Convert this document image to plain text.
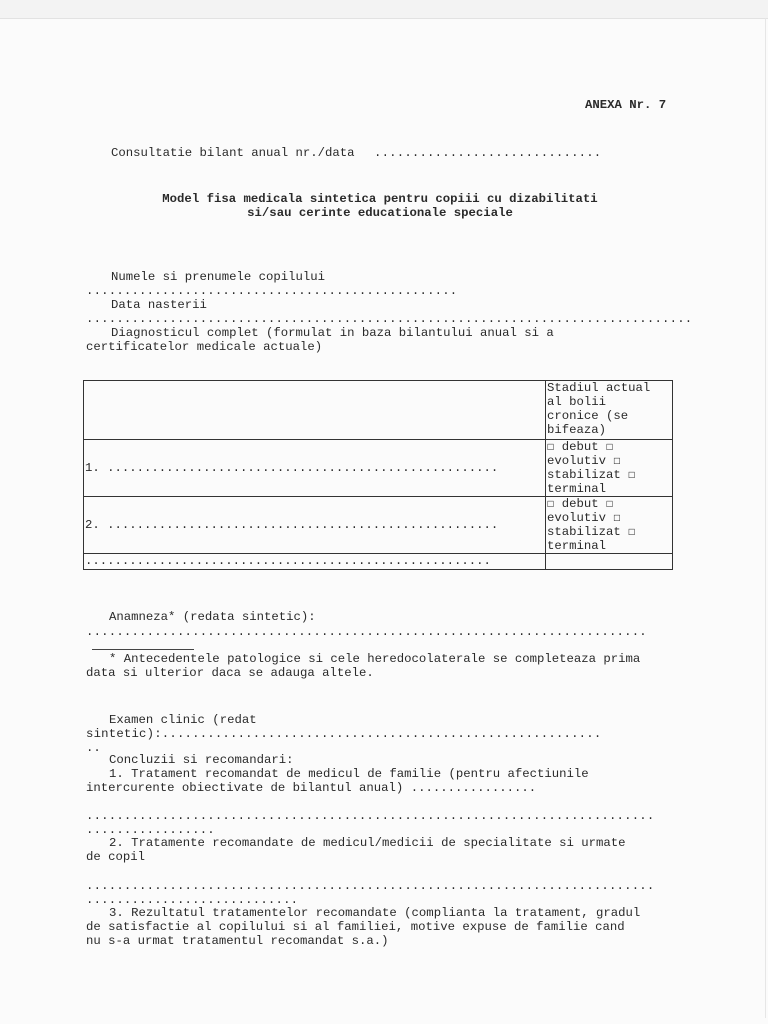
ANEXA Nr. 7
Consultatie bilant anual nr./data ..............................
Model fisa medicala sintetica pentru copiii cu dizabilitati
si/sau cerinte educationale speciale
Numele si prenumele copilului
.................................................
Data nasterii
................................................................................
Diagnosticul complet (formulat in baza bilantului anual si a
certificatelor medicale actuale)
	Stadiul actual
al bolii
cronice (se
bifeaza)

1. .....................................................	☐ debut ☐
evolutiv ☐
stabilizat ☐
terminal

2. .....................................................	☐ debut ☐
evolutiv ☐
stabilizat ☐
terminal

.......................................................	

Anamneza* (redata sintetic):
..........................................................................
* Antecedentele patologice si cele heredocolaterale se completeaza prima
data si ulterior daca se adauga altele.
Examen clinic (redat
sintetic):..........................................................
..
Concluzii si recomandari:
1. Tratament recomandat de medicul de familie (pentru afectiunile
intercurente obiectivate de bilantul anual) .................
...........................................................................
.................
2. Tratamente recomandate de medicul/medicii de specialitate si urmate
de copil
...........................................................................
............................
3. Rezultatul tratamentelor recomandate (complianta la tratament, gradul
de satisfactie al copilului si al familiei, motive expuse de familie cand
nu s-a urmat tratamentul recomandat s.a.)
